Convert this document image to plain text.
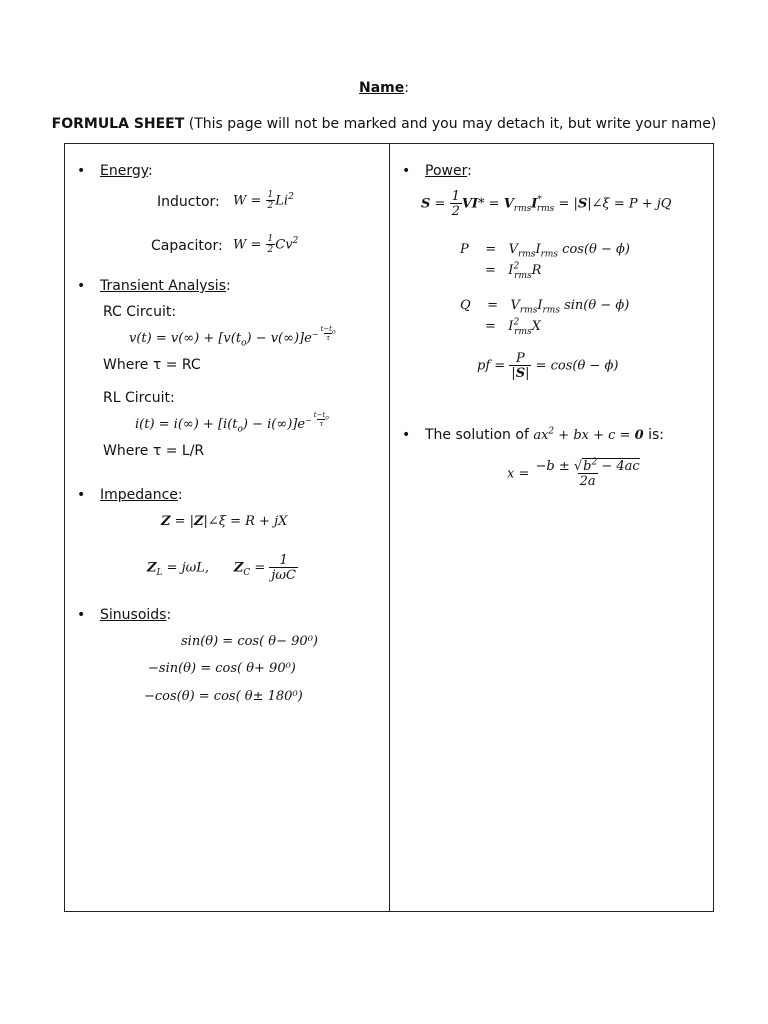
Name:
FORMULA SHEET (This page will not be marked and you may detach it, but write your name)
• Energy:
Inductor: $W = \frac{1}{2} Li^2$
Capacitor: $W = \frac{1}{2} Cv^2$
• Transient Analysis:
RC Circuit:
$v(t) = v(\infty) + [v(t_o) - v(\infty)]e^{- \frac{t-t_o}{\tau}}$
Where τ = RC
RL Circuit:
$i(t) = i(\infty) + [i(t_o) - i(\infty)]e^{- \frac{t-t_o}{\tau}}$
Where τ = L/R
• Impedance:
Z = |Z|∠ξ = R + jX
$Z_L = j\omega L$,      $Z_C = \frac{1}{\text{jωC}}$
• Sinusoids:
sin(θ) = cos( θ− 90⁰)
−sin(θ) = cos( θ+ 90⁰)
−cos(θ) = cos( θ± 180⁰)
• Power:
$S = \frac{1}{2} VI* = V_{rms}I^*_{rms}$ = |S|∠ξ = P + jQ
P    =   $V_{rms}I_{rms}$ cos(θ − ϕ)
=   $I^2_{rms}R$
Q    =   $V_{rms}I_{rms}$ sin(θ − ϕ)
=   $I^2_{rms}X$
pf = $\frac{P}{|S|} = \cos(\theta - \phi)$
• The solution of $ax^2$ + bx + c = 0 is:
$x = \frac{-b \pm √b^2 - 4ac}{2a}$
